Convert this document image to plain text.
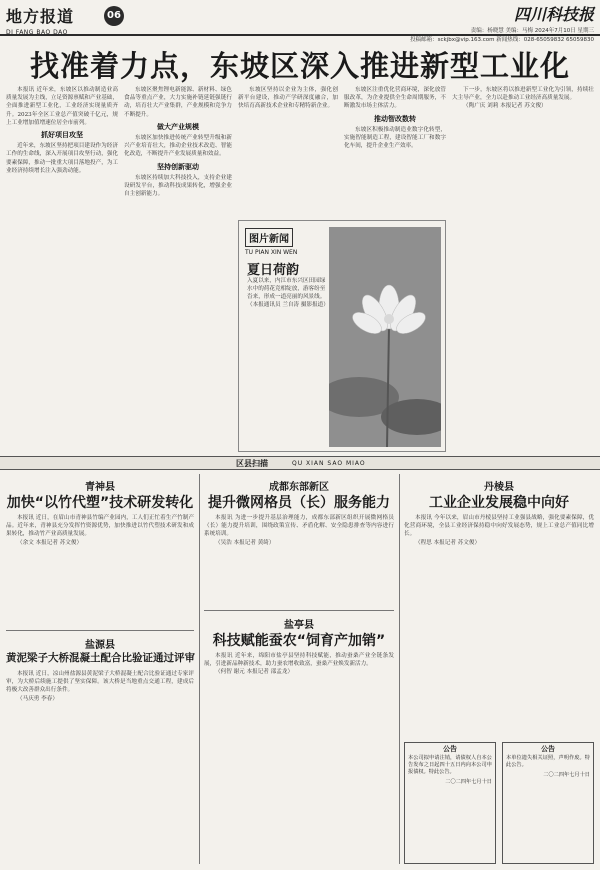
地方报道
DI FANG BAO DAO
06	四川科技报
责编：杨晓慧 美编：马梅 2024年7月10日 星期三
投稿邮箱：sckjbx@vip.163.com 新闻热线：028-65059832 65059830
找准着力点，东坡区深入推进新型工业化

本报讯 近年来，东坡区以推动制造业高质量发展为主线，立足资源禀赋和产业基础，全面推进新型工业化，工业经济实现量质齐升。2023年全区工业总产值突破千亿元，规上工业增加值增速位居全市前列。

抓好项目攻坚

近年来，东坡区坚持把项目建设作为经济工作的生命线，深入开展项目攻坚行动，强化要素保障，推动一批重大项目落地投产，为工业经济持续增长注入强劲动能。

东坡区聚焦锂电新能源、新材料、绿色食品等重点产业，大力实施补链延链强链行动，培育壮大产业集群，产业规模和竞争力不断提升。

做大产业规模

东坡区加快推进传统产业转型升级和新兴产业培育壮大，推动企业技术改造、智能化改造，不断提升产业发展质量和效益。

坚持创新驱动

东坡区持续加大科技投入，支持企业建设研发平台，推动科技成果转化，增强企业自主创新能力。

东坡区坚持以企业为主体，强化创新平台建设，推动产学研深度融合，加快培育高新技术企业和专精特新企业。

东坡区注重优化营商环境，深化放管服改革，为企业提供全生命周期服务，不断激发市场主体活力。

推动智改数转

东坡区积极推动制造业数字化转型，实施智能制造工程，建设智能工厂和数字化车间，提升企业生产效率。

下一步，东坡区将以推进新型工业化为引领，持续壮大主导产业，全力以赴推动工业经济高质量发展。

（陶广庆 刘莉 本报记者 苏文俊）

图片新闻
TU PIAN XIN WEN
夏日荷韵
入夏以来，内江市东兴区田园绿水中的荷花竞相绽放，游客纷至沓来，形成一道亮丽的风景线。
（本报通讯员 兰自涛 摄影报道）
区县扫描	QU XIAN SAO MIAO
青神县
加快“以竹代塑”技术研发转化

本报讯 近日，在眉山市青神县竹编产业园内，工人们正忙着生产竹制产品。近年来，青神县充分发挥竹资源优势，加快推进以竹代塑技术研发和成果转化，推动竹产业高质量发展。

（余文 本报记者 苏文俊）

成都东部新区
提升微网格员（长）服务能力

本报讯 为进一步提升基层治理能力，成都东部新区组织开展微网格员（长）能力提升培训，围绕政策宣传、矛盾化解、安全隐患排查等内容进行系统培训。

（吴浩 本报记者 黄绮）

丹棱县
工业企业发展稳中向好

本报讯 今年以来，眉山市丹棱县坚持工业强县战略，强化要素保障，优化营商环境，全县工业经济保持稳中向好发展态势，规上工业总产值同比增长。

（程思 本报记者 苏文俊）

盐源县
黄泥梁子大桥混凝土配合比验证通过评审

本报讯 近日，凉山州盐源县黄泥梁子大桥混凝土配合比验证通过专家评审，为大桥后续施工提供了坚实保障。该大桥是当地重点交通工程，建成后将极大改善群众出行条件。

（马庆勇 李春）

盐亭县
科技赋能蚕农“饲育产加销”

本报讯 近年来，绵阳市盐亭县坚持科技赋能，推动蚕桑产业全链条发展，引进新品种新技术，助力蚕农增收致富，蚕桑产业焕发新活力。

（何智 谢元 本报记者 邵孟龙）

公告
本公司拟申请注销，请债权人自本公告发布之日起四十五日内向本公司申报债权。特此公告。
二〇二四年七月十日
公告
本单位遗失相关证照，声明作废。特此公告。
二〇二四年七月十日
